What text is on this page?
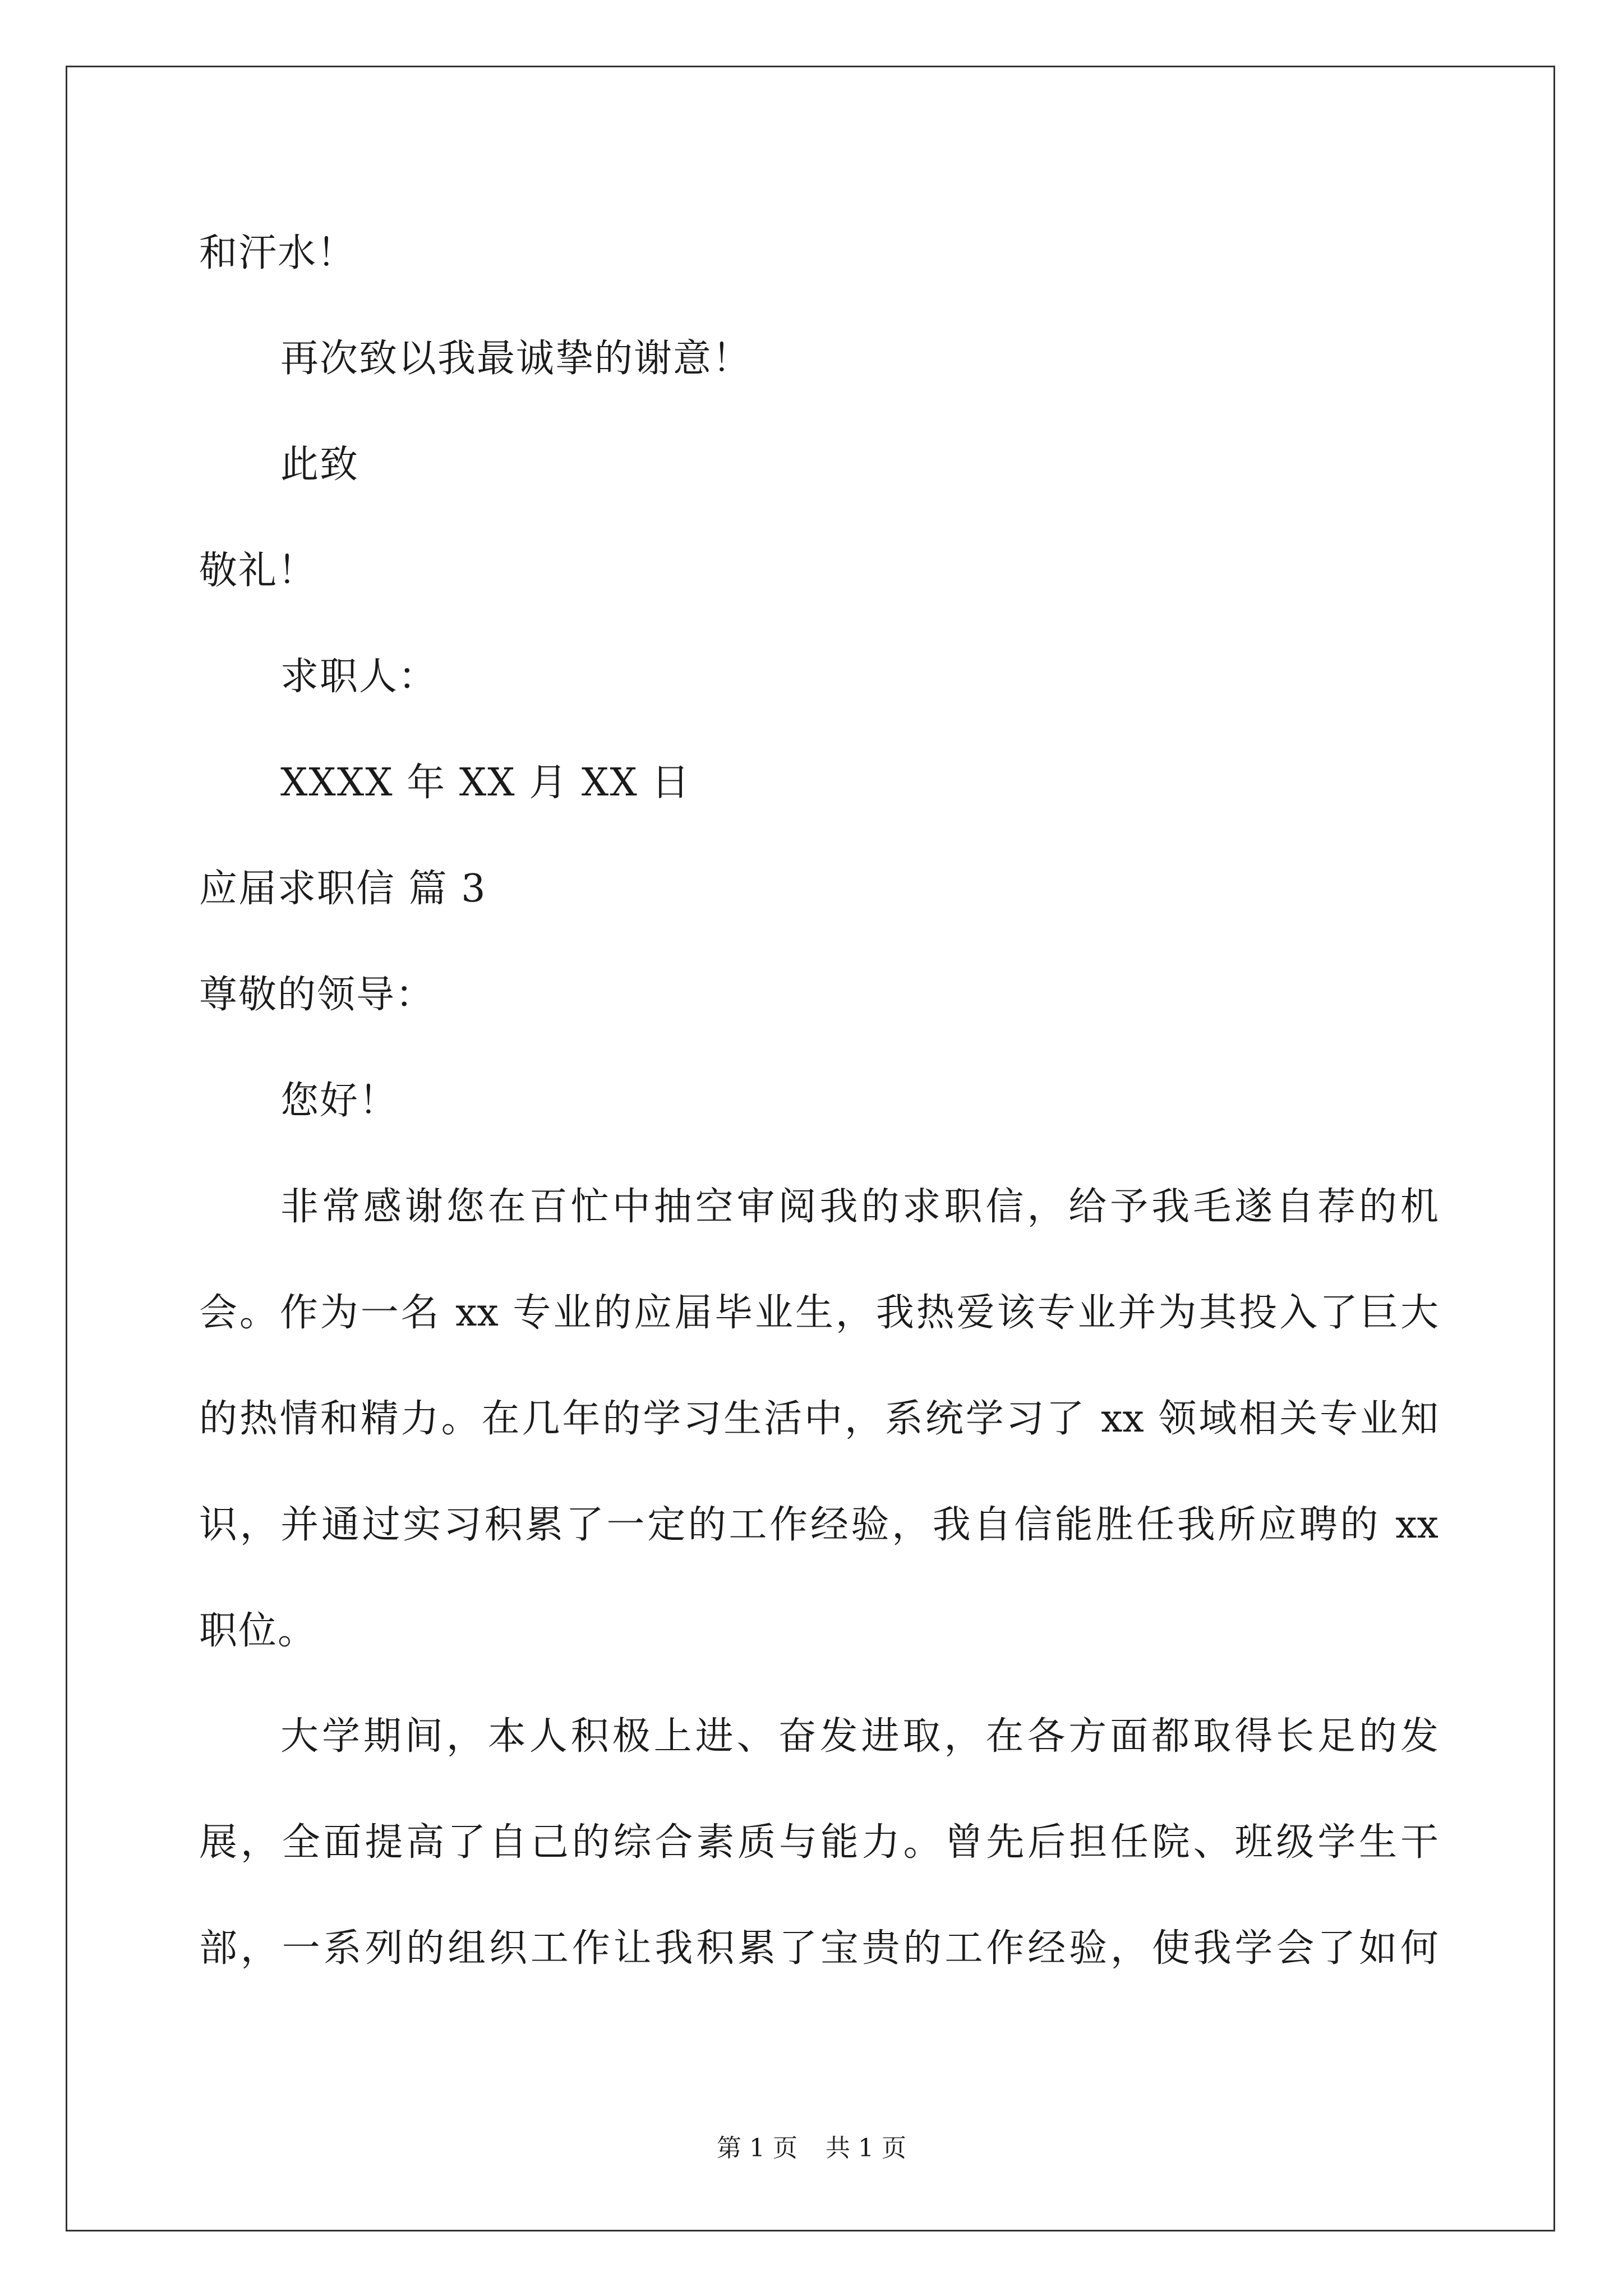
和汗水！
再次致以我最诚挚的谢意！
此致
敬礼！
求职人：
XXXX 年 XX 月 XX 日
应届求职信 篇 3
尊敬的领导：
您好！
非常感谢您在百忙中抽空审阅我的求职信，给予我毛遂自荐的机
会。作为一名 xx 专业的应届毕业生，我热爱该专业并为其投入了巨大
的热情和精力。在几年的学习生活中，系统学习了 xx 领域相关专业知
识，并通过实习积累了一定的工作经验，我自信能胜任我所应聘的 xx
职位。
大学期间，本人积极上进、奋发进取，在各方面都取得长足的发
展，全面提高了自己的综合素质与能力。曾先后担任院、班级学生干
部，一系列的组织工作让我积累了宝贵的工作经验，使我学会了如何
第 1 页 共 1 页
